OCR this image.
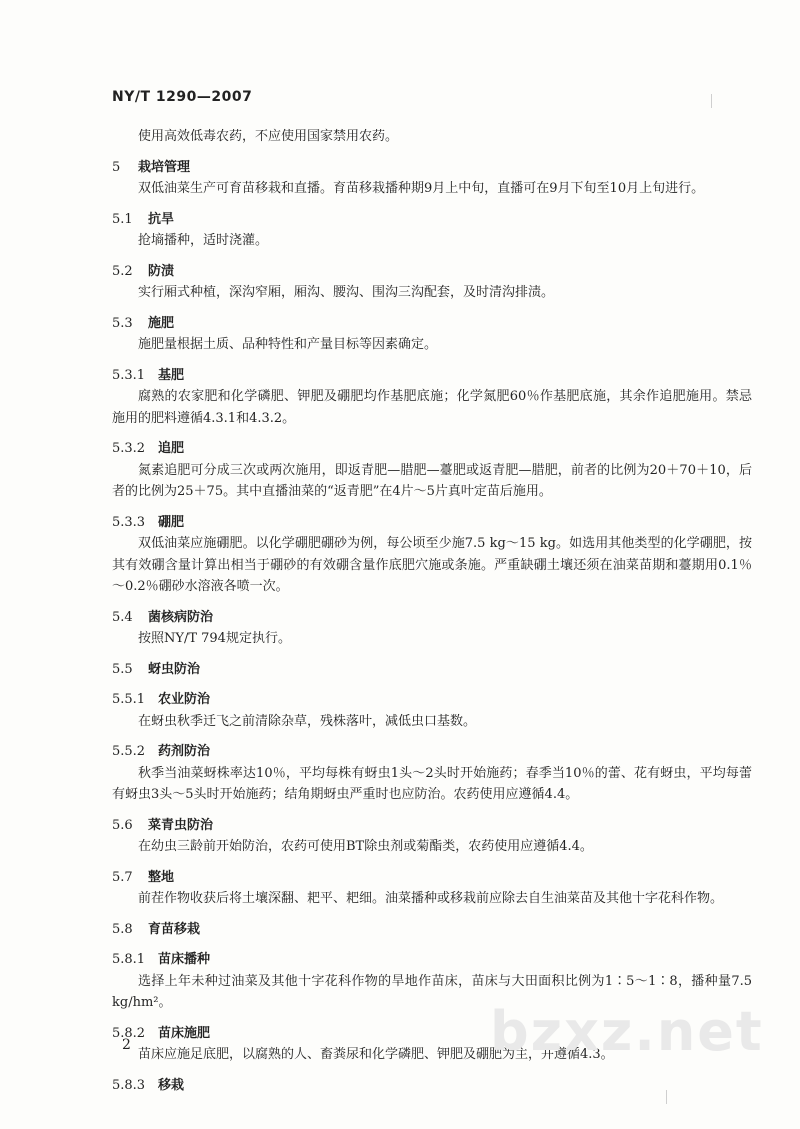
NY/T 1290—2007
使用高效低毒农药，不应使用国家禁用农药。
5 栽培管理
双低油菜生产可育苗移栽和直播。育苗移栽播种期9月上中旬，直播可在9月下旬至10月上旬进行。
5.1 抗旱
抢墒播种，适时浇灌。
5.2 防渍
实行厢式种植，深沟窄厢，厢沟、腰沟、围沟三沟配套，及时清沟排渍。
5.3 施肥
施肥量根据土质、品种特性和产量目标等因素确定。
5.3.1 基肥
腐熟的农家肥和化学磷肥、钾肥及硼肥均作基肥底施；化学氮肥60％作基肥底施，其余作追肥施用。禁忌施用的肥料遵循4.3.1和4.3.2。
5.3.2 追肥
氮素追肥可分成三次或两次施用，即返青肥—腊肥—薹肥或返青肥—腊肥，前者的比例为20＋70＋10，后者的比例为25＋75。其中直播油菜的“返青肥”在4片～5片真叶定苗后施用。
5.3.3 硼肥
双低油菜应施硼肥。以化学硼肥硼砂为例，每公顷至少施7.5 kg～15 kg。如选用其他类型的化学硼肥，按其有效硼含量计算出相当于硼砂的有效硼含量作底肥穴施或条施。严重缺硼土壤还须在油菜苗期和薹期用0.1％～0.2％硼砂水溶液各喷一次。
5.4 菌核病防治
按照NY/T 794规定执行。
5.5 蚜虫防治
5.5.1 农业防治
在蚜虫秋季迁飞之前清除杂草，残株落叶，减低虫口基数。
5.5.2 药剂防治
秋季当油菜蚜株率达10％，平均每株有蚜虫1头～2头时开始施药；春季当10％的蕾、花有蚜虫，平均每蕾有蚜虫3头～5头时开始施药；结角期蚜虫严重时也应防治。农药使用应遵循4.4。
5.6 菜青虫防治
在幼虫三龄前开始防治，农药可使用BT除虫剂或菊酯类，农药使用应遵循4.4。
5.7 整地
前茬作物收获后将土壤深翻、耙平、耙细。油菜播种或移栽前应除去自生油菜苗及其他十字花科作物。
5.8 育苗移栽
5.8.1 苗床播种
选择上年未种过油菜及其他十字花科作物的旱地作苗床，苗床与大田面积比例为1∶5～1∶8，播种量7.5 kg/hm²。
5.8.2 苗床施肥
苗床应施足底肥，以腐熟的人、畜粪尿和化学磷肥、钾肥及硼肥为主，并遵循4.3。
5.8.3 移栽
2	bzxz.net
